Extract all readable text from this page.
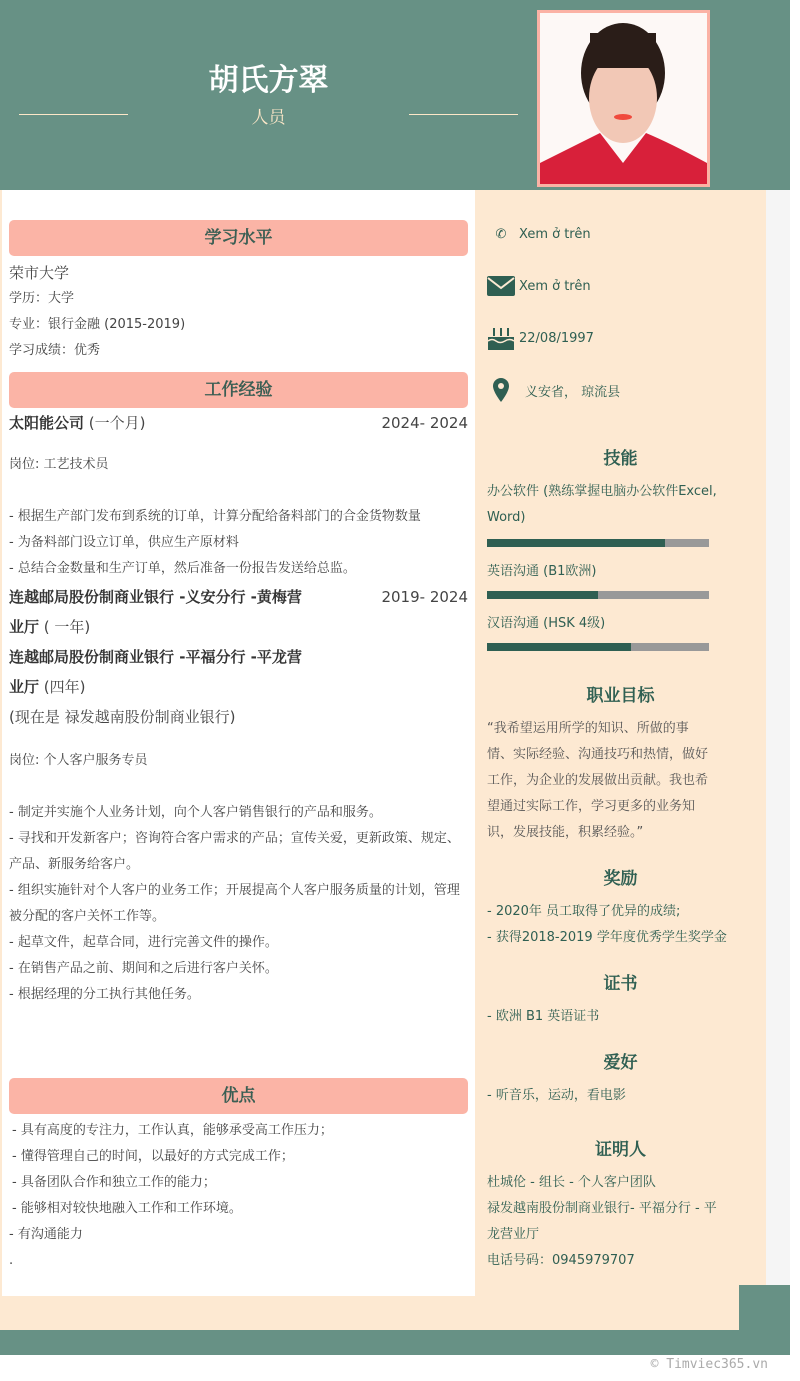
胡氏方翠
人员
学习水平
荣市大学
学历：大学
专业：银行金融 (2015-2019)
学习成绩：优秀
工作经验
太阳能公司 (一个月)	2024- 2024
岗位: 工艺技术员
- 根据生产部门发布到系统的订单，计算分配给备料部门的合金货物数量
- 为备料部门设立订单，供应生产原材料
- 总结合金数量和生产订单，然后准备一份报告发送给总监。
连越邮局股份制商业银行 -义安分行 -黄梅营业厅 ( 一年)
2019- 2024
连越邮局股份制商业银行 -平福分行 -平龙营业厅 (四年)
(现在是 禄发越南股份制商业银行)
岗位: 个人客户服务专员
- 制定并实施个人业务计划，向个人客户销售银行的产品和服务。
- 寻找和开发新客户；咨询符合客户需求的产品；宣传关爱，更新政策、规定、产品、新服务给客户。
- 组织实施针对个人客户的业务工作；开展提高个人客户服务质量的计划，管理被分配的客户关怀工作等。
- 起草文件，起草合同，进行完善文件的操作。
- 在销售产品之前、期间和之后进行客户关怀。
- 根据经理的分工执行其他任务。
优点
- 具有高度的专注力，工作认真，能够承受高工作压力；
- 懂得管理自己的时间，以最好的方式完成工作；
- 具备团队合作和独立工作的能力；
- 能够相对较快地融入工作和工作环境。
- 有沟通能力
.
✆ Xem ở trên
Xem ở trên
22/08/1997
义安省， 琼流县
技能
办公软件 (熟练掌握电脑办公软件Excel, Word)
英语沟通 (B1欧洲)
汉语沟通 (HSK 4级)
职业目标
“我希望运用所学的知识、所做的事情、实际经验、沟通技巧和热情，做好工作，为企业的发展做出贡献。我也希望通过实际工作，学习更多的业务知识，发展技能，积累经验。”
奖励
- 2020年 员工取得了优异的成绩;
- 获得2018-2019 学年度优秀学生奖学金
证书
- 欧洲 B1 英语证书
爱好
- 听音乐，运动，看电影
证明人
杜城伦 - 组长 - 个人客户团队
禄发越南股份制商业银行- 平福分行 - 平龙营业厅
电话号码：0945979707
© Timviec365.vn
